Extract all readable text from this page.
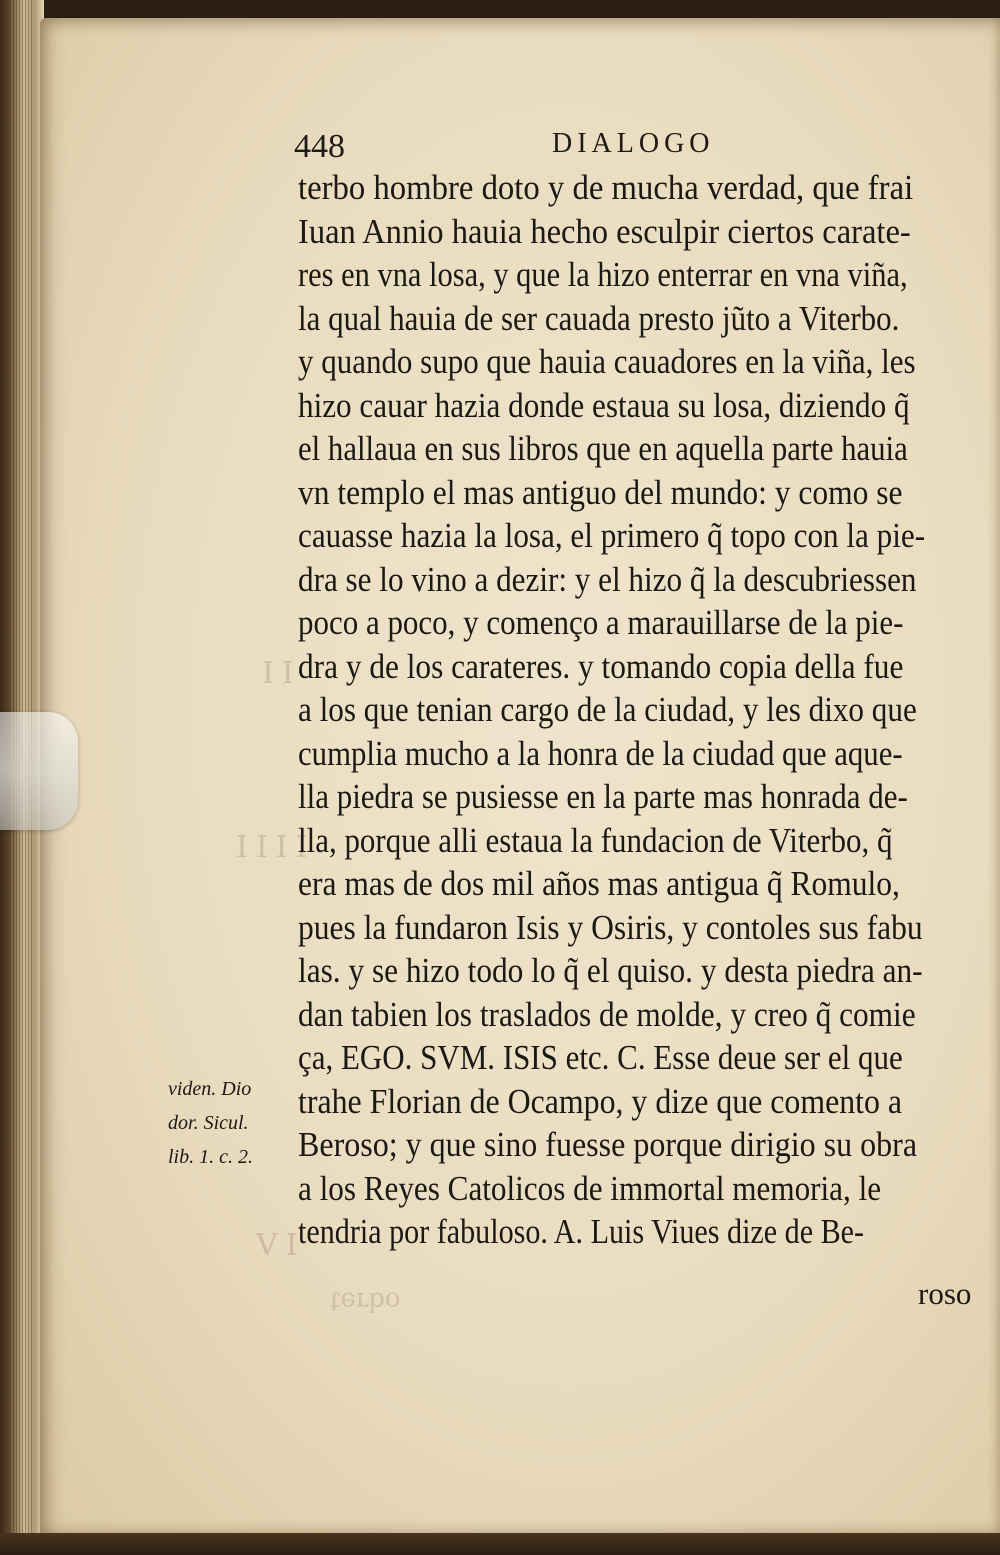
II
IIII
VI
terbo
448	DIALOGO
terbo hombre doto y de mucha verdad, que frai
Iuan Annio hauia hecho esculpir ciertos carate-
res en vna losa, y que la hizo enterrar en vna viña,
la qual hauia de ser cauada presto jũto a Viterbo.
y quando supo que hauia cauadores en la viña, les
hizo cauar hazia donde estaua su losa, diziendo q̃
el hallaua en sus libros que en aquella parte hauia
vn templo el mas antiguo del mundo: y como se
cauasse hazia la losa, el primero q̃ topo con la pie-
dra se lo vino a dezir: y el hizo q̃ la descubriessen
poco a poco, y començo a marauillarse de la pie-
dra y de los carateres. y tomando copia della fue
a los que tenian cargo de la ciudad, y les dixo que
cumplia mucho a la honra de la ciudad que aque-
lla piedra se pusiesse en la parte mas honrada de-
lla, porque alli estaua la fundacion de Viterbo, q̃
era mas de dos mil años mas antigua q̃ Romulo,
pues la fundaron Isis y Osiris, y contoles sus fabu
las. y se hizo todo lo q̃ el quiso. y desta piedra an-
dan tabien los traslados de molde, y creo q̃ comie
ça, EGO. SVM. ISIS etc. C. Esse deue ser el que
trahe Florian de Ocampo, y dize que comento a
Beroso; y que sino fuesse porque dirigio su obra
a los Reyes Catolicos de immortal memoria, le
tendria por fabuloso. A. Luis Viues dize de Be-
roso
viden. Dio
dor. Sicul.
lib. 1. c. 2.
